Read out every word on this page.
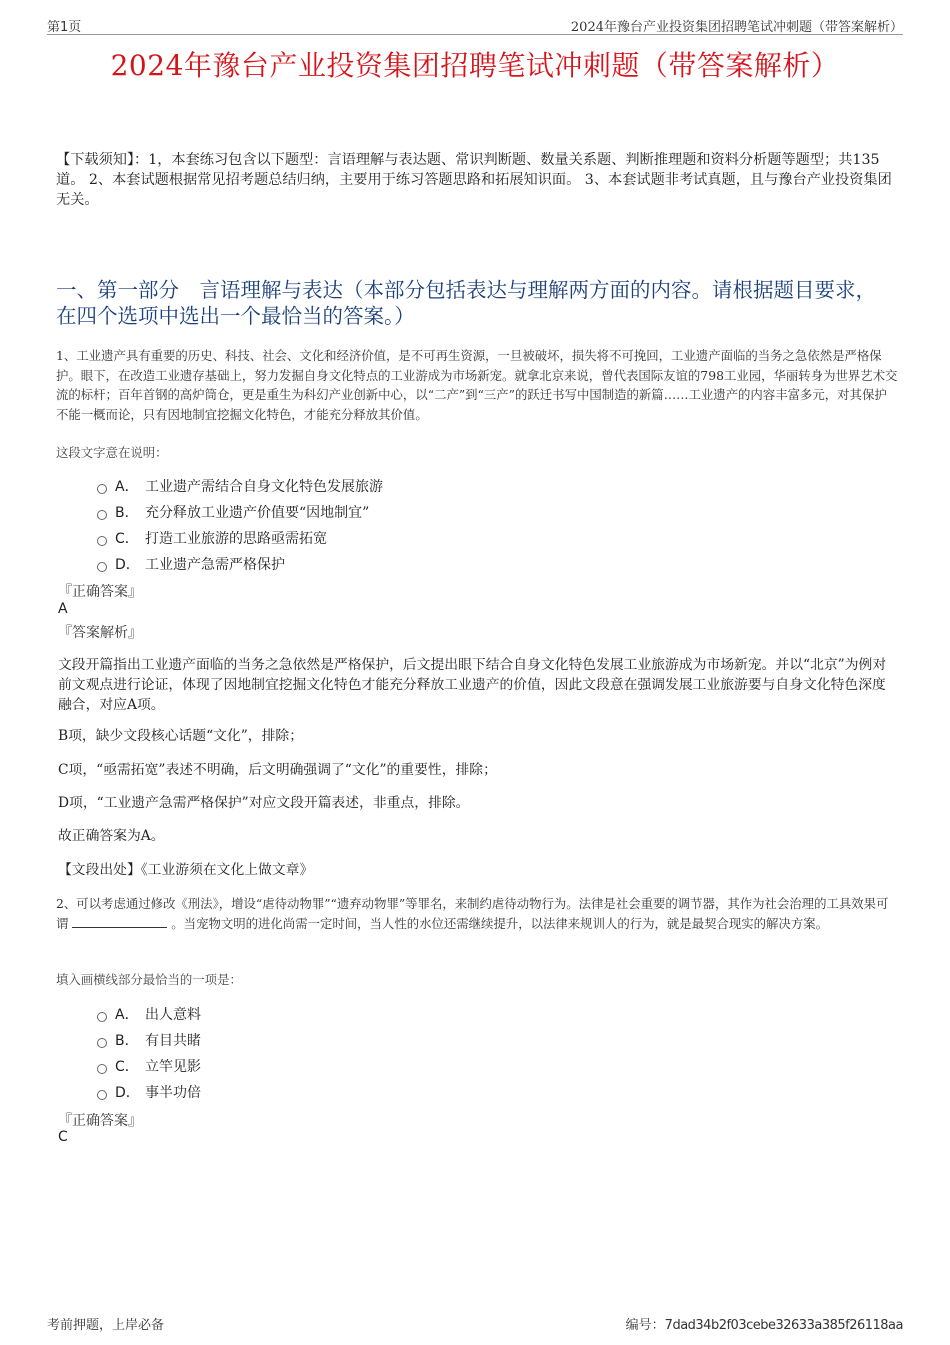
第1页	2024年豫台产业投资集团招聘笔试冲刺题（带答案解析）
2024年豫台产业投资集团招聘笔试冲刺题（带答案解析）
【下载须知】：1，本套练习包含以下题型：言语理解与表达题、常识判断题、数量关系题、判断推理题和资料分析题等题型；共135道。 2、本套试题根据常见招考题总结归纳，主要用于练习答题思路和拓展知识面。 3、本套试题非考试真题，且与豫台产业投资集团无关。
一、第一部分　言语理解与表达（本部分包括表达与理解两方面的内容。请根据题目要求，在四个选项中选出一个最恰当的答案。）
1、工业遗产具有重要的历史、科技、社会、文化和经济价值，是不可再生资源，一旦被破坏，损失将不可挽回，工业遗产面临的当务之急依然是严格保护。眼下，在改造工业遗存基础上，努力发掘自身文化特点的工业游成为市场新宠。就拿北京来说，曾代表国际友谊的798工业园，华丽转身为世界艺术交流的标杆；百年首钢的高炉筒仓，更是重生为科幻产业创新中心，以“二产”到“三产”的跃迁书写中国制造的新篇……工业遗产的内容丰富多元，对其保护不能一概而论，只有因地制宜挖掘文化特色，才能充分释放其价值。
这段文字意在说明：
A． 工业遗产需结合自身文化特色发展旅游
B． 充分释放工业遗产价值要“因地制宜”
C． 打造工业旅游的思路亟需拓宽
D． 工业遗产急需严格保护
『正确答案』
A
『答案解析』
文段开篇指出工业遗产面临的当务之急依然是严格保护，后文提出眼下结合自身文化特色发展工业旅游成为市场新宠。并以“北京”为例对前文观点进行论证，体现了因地制宜挖掘文化特色才能充分释放工业遗产的价值，因此文段意在强调发展工业旅游要与自身文化特色深度融合，对应A项。
B项，缺少文段核心话题“文化”，排除；
C项，“亟需拓宽”表述不明确，后文明确强调了“文化”的重要性，排除；
D项，“工业遗产急需严格保护”对应文段开篇表述，非重点，排除。
故正确答案为A。
【文段出处】《工业游须在文化上做文章》
2、可以考虑通过修改《刑法》，增设“虐待动物罪”“遗弃动物罪”等罪名，来制约虐待动物行为。法律是社会重要的调节器，其作为社会治理的工具效果可谓	。当宠物文明的进化尚需一定时间，当人性的水位还需继续提升，以法律来规训人的行为，就是最契合现实的解决方案。
填入画横线部分最恰当的一项是：
A． 出人意料
B． 有目共睹
C． 立竿见影
D． 事半功倍
『正确答案』
C
考前押题，上岸必备	编号：7dad34b2f03cebe32633a385f26118aa
